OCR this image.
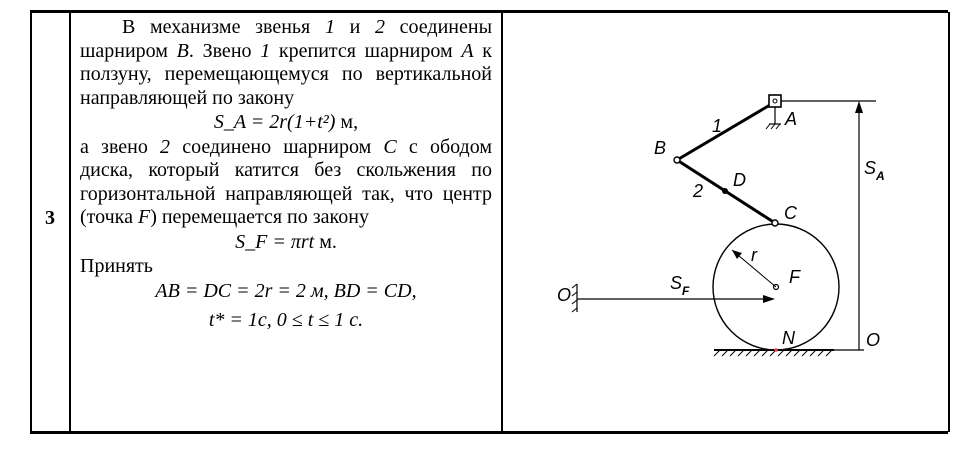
3

В механизме звенья 1 и 2 соединены шарниром B. Звено 1 крепится шарниром A к ползуну, перемещающемуся по вертикальной направляющей по закону

S_A = 2r(1+t²) м,

а звено 2 соединено шарниром C с ободом диска, который катится без скольжения по горизонтальной направляющей так, что центр (точка F) перемещается по закону

S_F = πrt м.

Принять

AB = DC = 2r = 2 м, BD = CD,

t* = 1c, 0 ≤ t ≤ 1 c.

B
1	A
D
2
C
r
F
N	O
O
S A
S F
